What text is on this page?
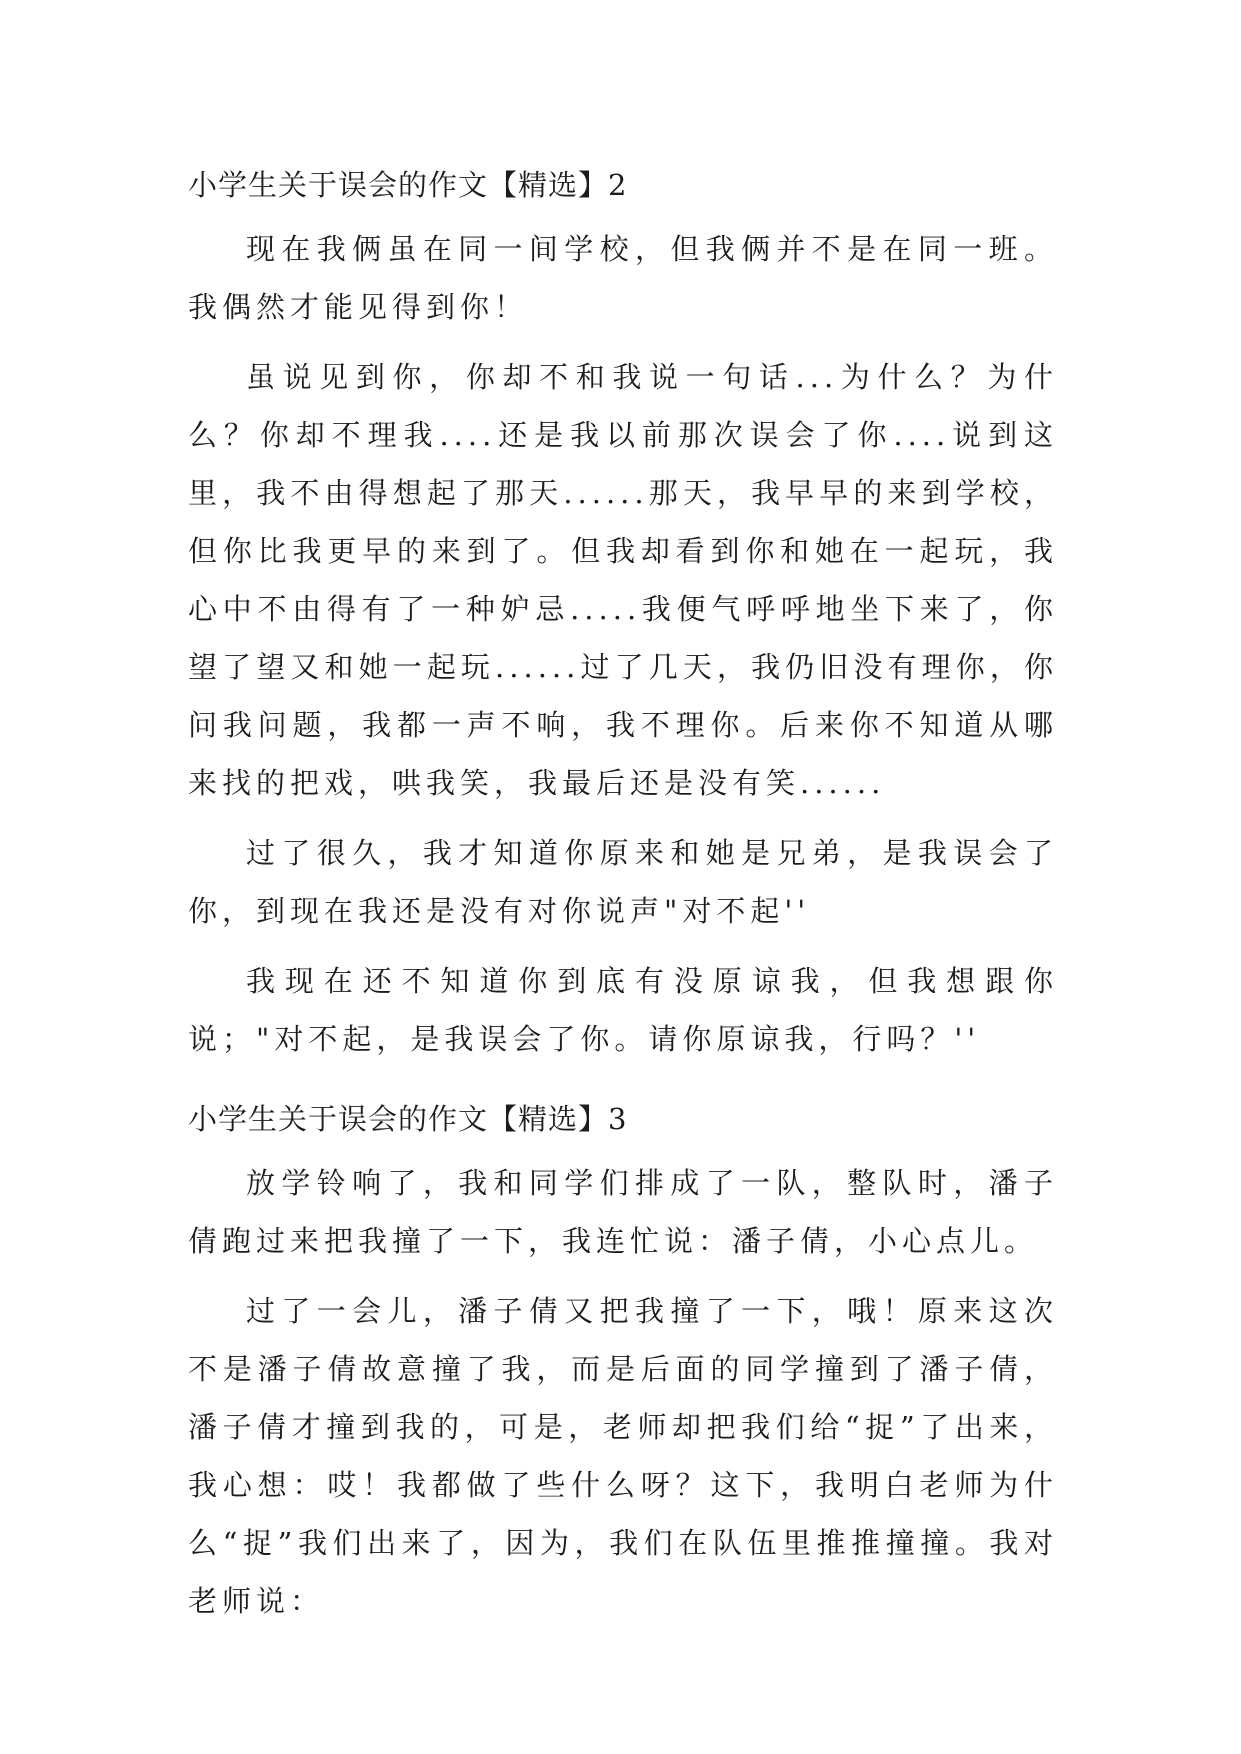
小学生关于误会的作文【精选】2

现在我俩虽在同一间学校，但我俩并不是在同一班。我偶然才能见得到你！

虽说见到你，你却不和我说一句话...为什么？为什么？你却不理我....还是我以前那次误会了你....说到这里，我不由得想起了那天......那天，我早早的来到学校，但你比我更早的来到了。但我却看到你和她在一起玩，我心中不由得有了一种妒忌.....我便气呼呼地坐下来了，你望了望又和她一起玩......过了几天，我仍旧没有理你，你问我问题，我都一声不响，我不理你。后来你不知道从哪来找的把戏，哄我笑，我最后还是没有笑......

过了很久，我才知道你原来和她是兄弟，是我误会了你，到现在我还是没有对你说声"对不起''

我现在还不知道你到底有没原谅我，但我想跟你说；"对不起，是我误会了你。请你原谅我，行吗？''

小学生关于误会的作文【精选】3

放学铃响了，我和同学们排成了一队，整队时，潘子倩跑过来把我撞了一下，我连忙说：潘子倩，小心点儿。

过了一会儿，潘子倩又把我撞了一下，哦！原来这次不是潘子倩故意撞了我，而是后面的同学撞到了潘子倩，潘子倩才撞到我的，可是，老师却把我们给“捉”了出来，我心想：哎！我都做了些什么呀？这下，我明白老师为什么“捉”我们出来了，因为，我们在队伍里推推撞撞。我对老师说：
